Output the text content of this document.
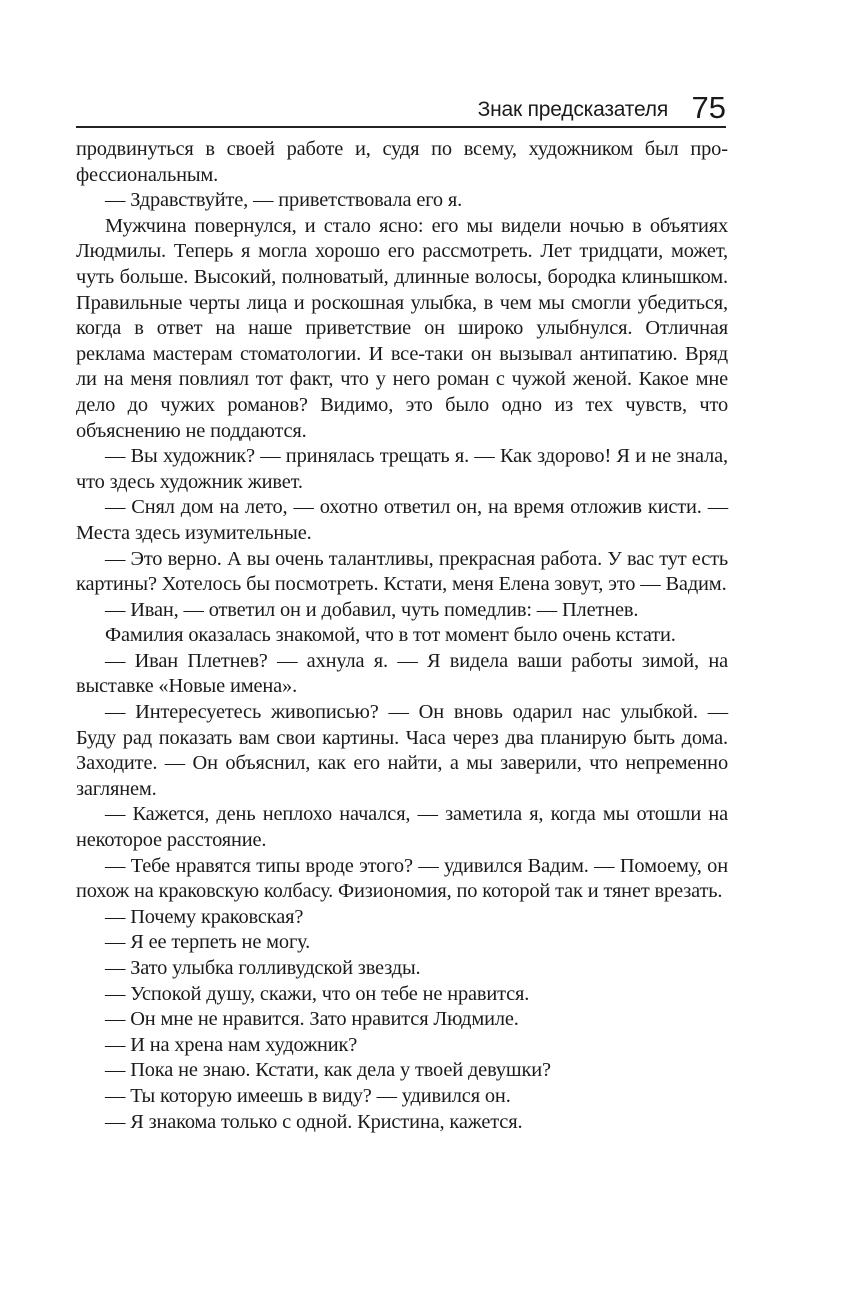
Знак предсказателя 75

продвинуться в своей работе и, судя по всему, художником был профессиональным.

— Здравствуйте, — приветствовала его я.

Мужчина повернулся, и стало ясно: его мы видели ночью в объятиях Людмилы. Теперь я могла хорошо его рассмотреть. Лет тридцати, может, чуть больше. Высокий, полноватый, длинные волосы, бородка клинышком. Правильные черты лица и роскошная улыбка, в чем мы смогли убедиться, когда в ответ на наше приветствие он широко улыбнулся. Отличная реклама мастерам стоматологии. И все-таки он вызывал антипатию. Вряд ли на меня повлиял тот факт, что у него роман с чужой женой. Какое мне дело до чужих романов? Видимо, это было одно из тех чувств, что объяснению не поддаются.

— Вы художник? — принялась трещать я. — Как здорово! Я и не знала, что здесь художник живет.

— Снял дом на лето, — охотно ответил он, на время отложив кисти. — Места здесь изумительные.

— Это верно. А вы очень талантливы, прекрасная работа. У вас тут есть картины? Хотелось бы посмотреть. Кстати, меня Елена зовут, это — Вадим.

— Иван, — ответил он и добавил, чуть помедлив: — Плетнев.

Фамилия оказалась знакомой, что в тот момент было очень кстати.

— Иван Плетнев? — ахнула я. — Я видела ваши работы зимой, на выставке «Новые имена».

— Интересуетесь живописью? — Он вновь одарил нас улыбкой. — Буду рад показать вам свои картины. Часа через два планирую быть дома. Заходите. — Он объяснил, как его найти, а мы заверили, что непременно заглянем.

— Кажется, день неплохо начался, — заметила я, когда мы отошли на некоторое расстояние.

— Тебе нравятся типы вроде этого? — удивился Вадим. — Помоему, он похож на краковскую колбасу. Физиономия, по которой так и тянет врезать.

— Почему краковская?

— Я ее терпеть не могу.

— Зато улыбка голливудской звезды.

— Успокой душу, скажи, что он тебе не нравится.

— Он мне не нравится. Зато нравится Людмиле.

— И на хрена нам художник?

— Пока не знаю. Кстати, как дела у твоей девушки?

— Ты которую имеешь в виду? — удивился он.

— Я знакома только с одной. Кристина, кажется.
